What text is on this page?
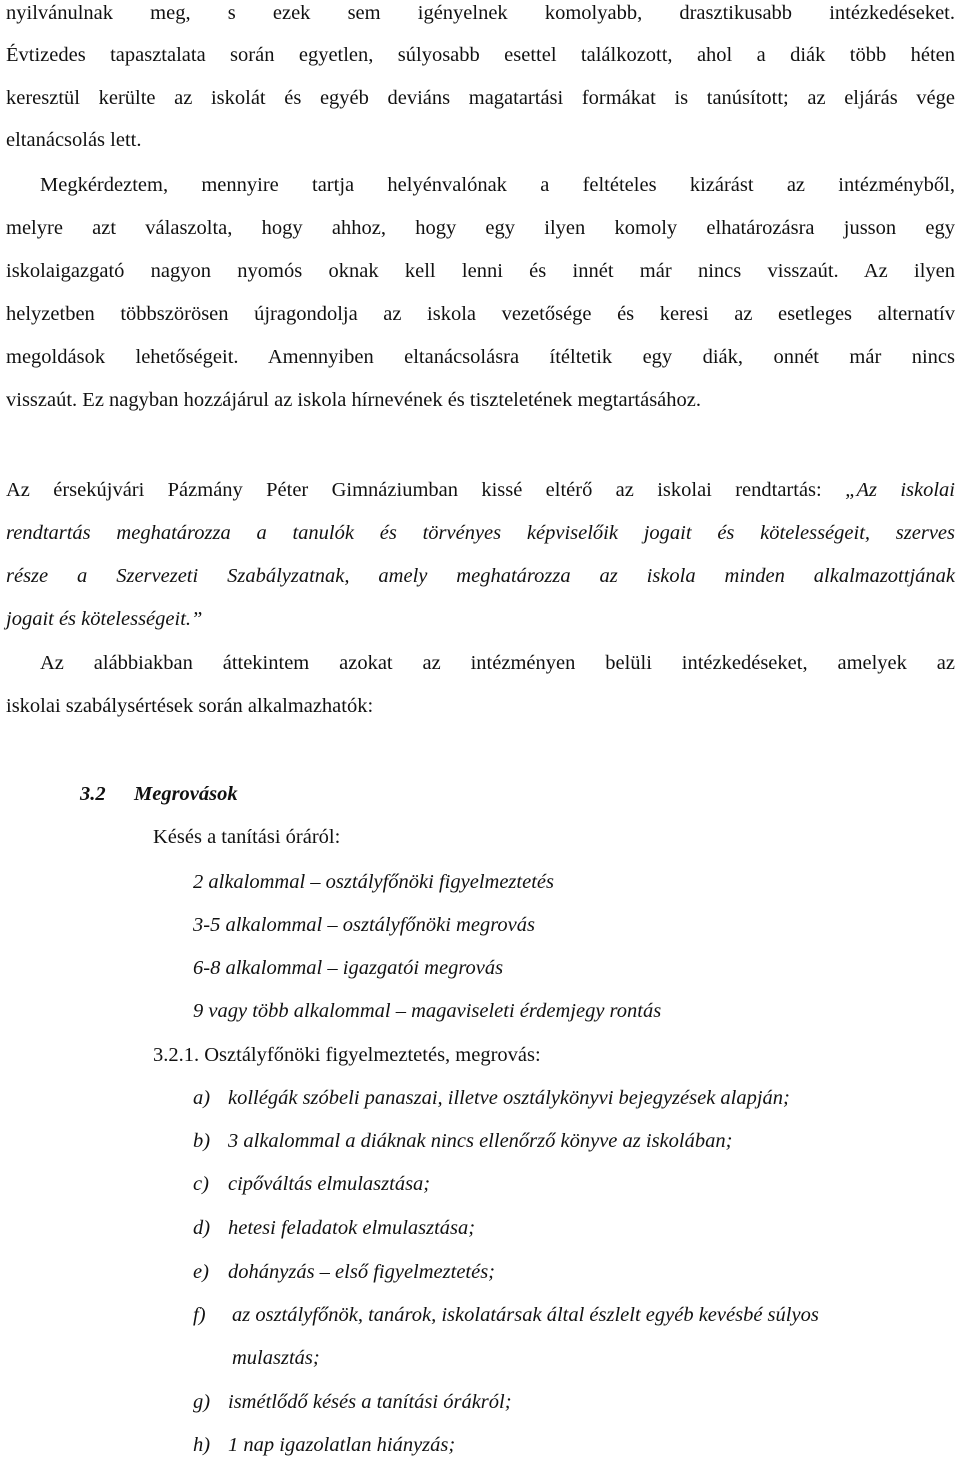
nyilvánulnak meg, s ezek sem igényelnek komolyabb, drasztikusabb intézkedéseket.
Évtizedes tapasztalata során egyetlen, súlyosabb esettel találkozott, ahol a diák több héten
keresztül kerülte az iskolát és egyéb deviáns magatartási formákat is tanúsított; az eljárás vége
eltanácsolás lett.
Megkérdeztem, mennyire tartja helyénvalónak a feltételes kizárást az intézményből,
melyre azt válaszolta, hogy ahhoz, hogy egy ilyen komoly elhatározásra jusson egy
iskolaigazgató nagyon nyomós oknak kell lenni és innét már nincs visszaút. Az ilyen
helyzetben többszörösen újragondolja az iskola vezetősége és keresi az esetleges alternatív
megoldások lehetőségeit. Amennyiben eltanácsolásra ítéltetik egy diák, onnét már nincs
visszaút. Ez nagyban hozzájárul az iskola hírnevének és tiszteletének megtartásához.
Az érsekújvári Pázmány Péter Gimnáziumban kissé eltérő az iskolai rendtartás: „Az iskolai
rendtartás meghatározza a tanulók és törvényes képviselőik jogait és kötelességeit, szerves
része a Szervezeti Szabályzatnak, amely meghatározza az iskola minden alkalmazottjának
jogait és kötelességeit.”
Az alábbiakban áttekintem azokat az intézményen belüli intézkedéseket, amelyek az
iskolai szabálysértések során alkalmazhatók:
3.2 Megrovások
Késés a tanítási óráról:
2 alkalommal – osztályfőnöki figyelmeztetés
3-5 alkalommal – osztályfőnöki megrovás
6-8 alkalommal – igazgatói megrovás
9 vagy több alkalommal – magaviseleti érdemjegy rontás
3.2.1. Osztályfőnöki figyelmeztetés, megrovás:
a) kollégák szóbeli panaszai, illetve osztálykönyvi bejegyzések alapján;
b) 3 alkalommal a diáknak nincs ellenőrző könyve az iskolában;
c) cipőváltás elmulasztása;
d) hetesi feladatok elmulasztása;
e) dohányzás – első figyelmeztetés;
f) az osztályfőnök, tanárok, iskolatársak által észlelt egyéb kevésbé súlyos
mulasztás;
g) ismétlődő késés a tanítási órákról;
h) 1 nap igazolatlan hiányzás;
